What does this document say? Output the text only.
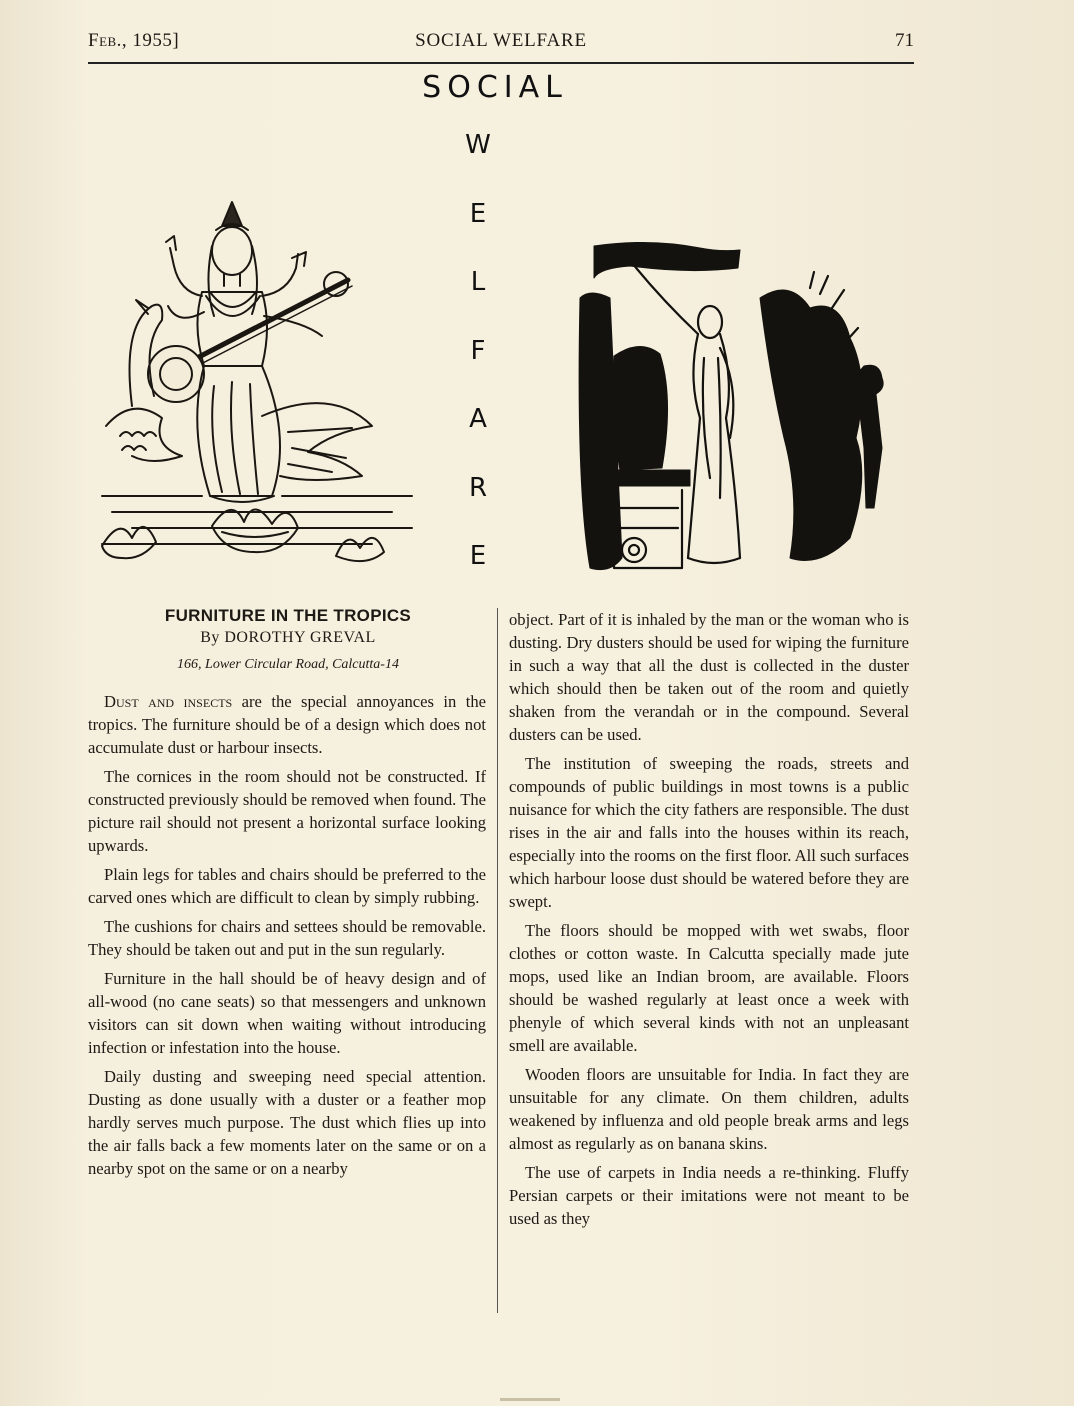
Feb., 1955]	SOCIAL WELFARE	71
SOCIAL
W
E
L
F
A
R
E
FURNITURE IN THE TROPICS
By DOROTHY GREVAL
166, Lower Circular Road, Calcutta-14

Dust and insects are the special annoyances in the tropics. The furniture should be of a design which does not accumulate dust or harbour insects.

The cornices in the room should not be constructed. If constructed previously should be removed when found. The picture rail should not present a horizontal surface looking upwards.

Plain legs for tables and chairs should be preferred to the carved ones which are difficult to clean by simply rubbing.

The cushions for chairs and settees should be removable. They should be taken out and put in the sun regularly.

Furniture in the hall should be of heavy design and of all-wood (no cane seats) so that messengers and unknown visitors can sit down when waiting without introducing infection or infestation into the house.

Daily dusting and sweeping need special attention. Dusting as done usually with a duster or a feather mop hardly serves much purpose. The dust which flies up into the air falls back a few moments later on the same or on a nearby spot on the same or on a nearby

object. Part of it is inhaled by the man or the woman who is dusting. Dry dusters should be used for wiping the furniture in such a way that all the dust is collected in the duster which should then be taken out of the room and quietly shaken from the verandah or in the compound. Several dusters can be used.

The institution of sweeping the roads, streets and compounds of public buildings in most towns is a public nuisance for which the city fathers are responsible. The dust rises in the air and falls into the houses within its reach, especially into the rooms on the first floor. All such surfaces which harbour loose dust should be watered before they are swept.

The floors should be mopped with wet swabs, floor clothes or cotton waste. In Calcutta specially made jute mops, used like an Indian broom, are available. Floors should be washed regularly at least once a week with phenyle of which several kinds with not an unpleasant smell are available.

Wooden floors are unsuitable for India. In fact they are unsuitable for any climate. On them children, adults weakened by influenza and old people break arms and legs almost as regularly as on banana skins.

The use of carpets in India needs a re-thinking. Fluffy Persian carpets or their imitations were not meant to be used as they
